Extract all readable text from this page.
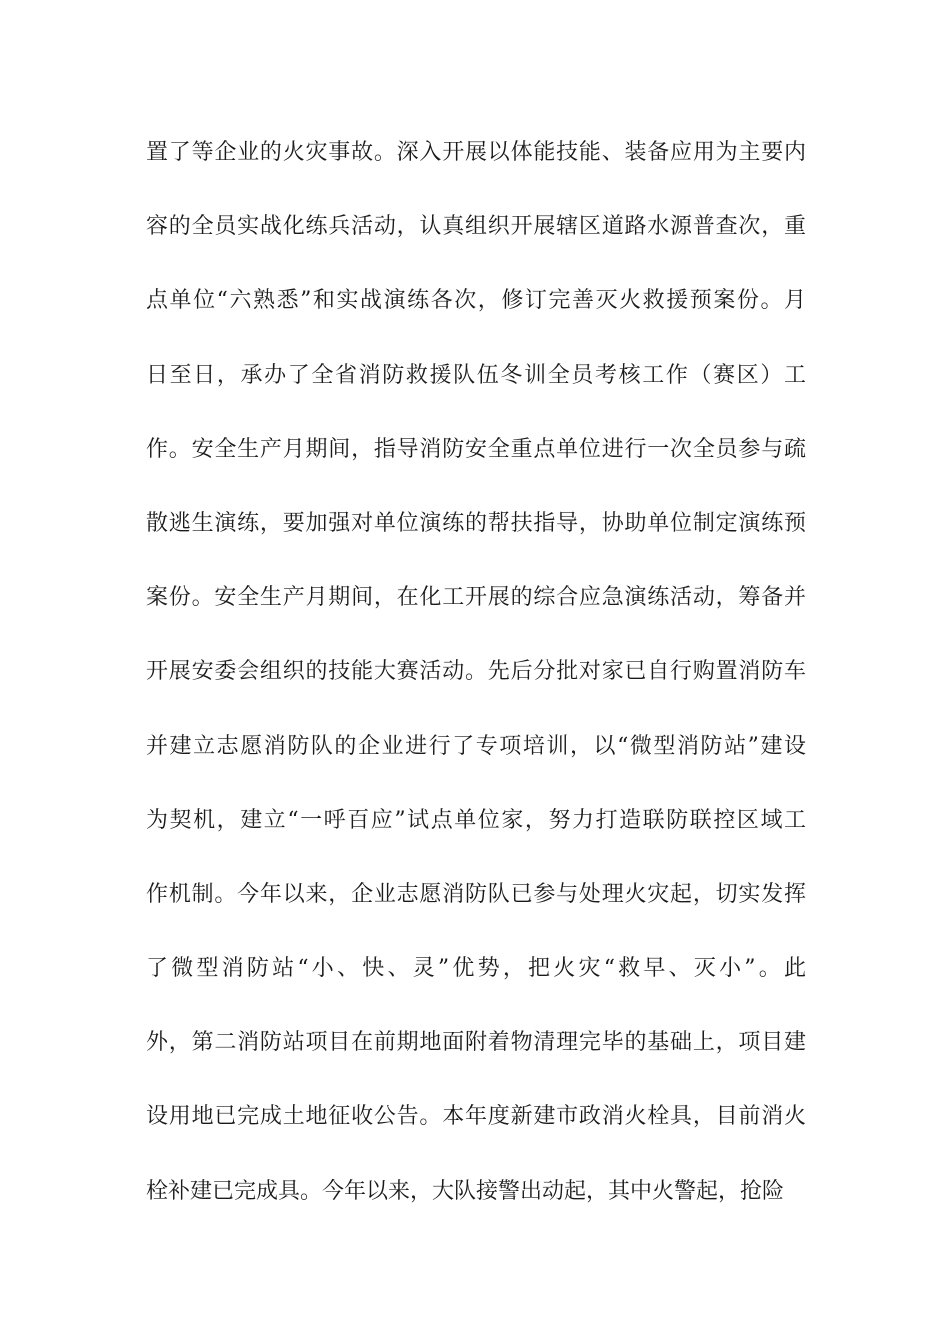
置了等企业的火灾事故。深入开展以体能技能、装备应用为主要内
容的全员实战化练兵活动，认真组织开展辖区道路水源普查次，重
点单位“六熟悉”和实战演练各次，修订完善灭火救援预案份。月
日至日，承办了全省消防救援队伍冬训全员考核工作（赛区）工
作。安全生产月期间，指导消防安全重点单位进行一次全员参与疏
散逃生演练，要加强对单位演练的帮扶指导，协助单位制定演练预
案份。安全生产月期间，在化工开展的综合应急演练活动，筹备并
开展安委会组织的技能大赛活动。先后分批对家已自行购置消防车
并建立志愿消防队的企业进行了专项培训，以“微型消防站”建设
为契机，建立“一呼百应”试点单位家，努力打造联防联控区域工
作机制。今年以来，企业志愿消防队已参与处理火灾起，切实发挥
了微型消防站“小、快、灵”优势，把火灾“救早、灭小”。此
外，第二消防站项目在前期地面附着物清理完毕的基础上，项目建
设用地已完成土地征收公告。本年度新建市政消火栓具，目前消火
栓补建已完成具。今年以来，大队接警出动起，其中火警起，抢险
